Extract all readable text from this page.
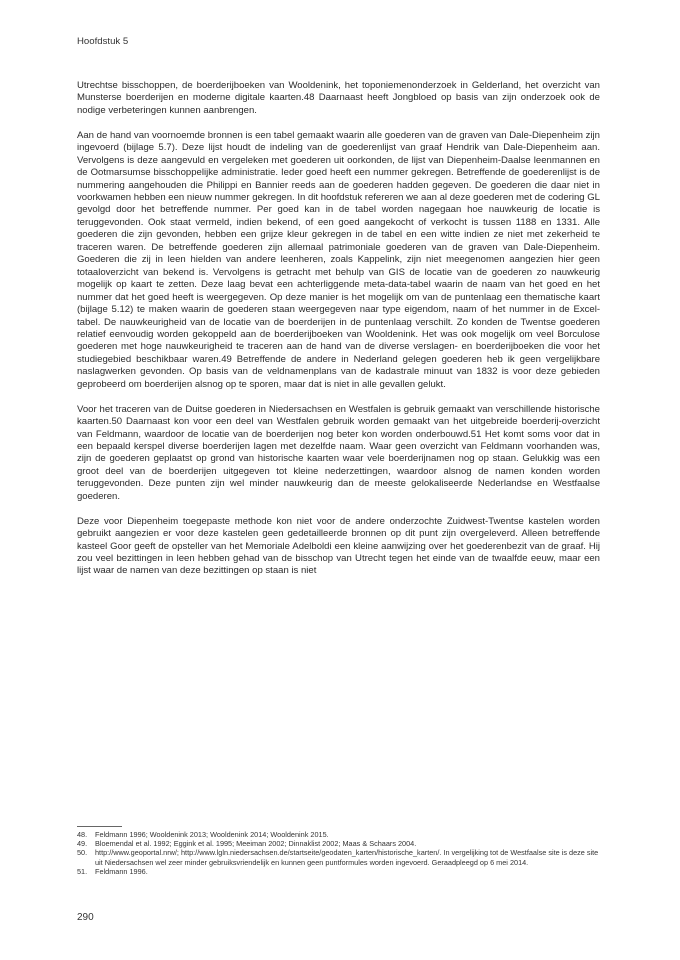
Hoofdstuk 5

Utrechtse bisschoppen, de boerderijboeken van Wooldenink, het toponiemenonderzoek in Gelderland, het overzicht van Munsterse boerderijen en moderne digitale kaarten.48 Daarnaast heeft Jongbloed op basis van zijn onderzoek ook de nodige verbeteringen kunnen aanbrengen.

Aan de hand van voornoemde bronnen is een tabel gemaakt waarin alle goederen van de graven van Dale-Diepenheim zijn ingevoerd (bijlage 5.7). Deze lijst houdt de indeling van de goederenlijst van graaf Hendrik van Dale-Diepenheim aan. Vervolgens is deze aangevuld en vergeleken met goederen uit oorkonden, de lijst van Diepenheim-Daalse leenmannen en de Ootmarsumse bisschoppelijke administratie. Ieder goed heeft een nummer gekregen. Betreffende de goederenlijst is de nummering aangehouden die Philippi en Bannier reeds aan de goederen hadden gegeven. De goederen die daar niet in voorkwamen hebben een nieuw nummer gekregen. In dit hoofdstuk refereren we aan al deze goederen met de codering GL gevolgd door het betreffende nummer. Per goed kan in de tabel worden nagegaan hoe nauwkeurig de locatie is teruggevonden. Ook staat vermeld, indien bekend, of een goed aangekocht of verkocht is tussen 1188 en 1331. Alle goederen die zijn gevonden, hebben een grijze kleur gekregen in de tabel en een witte indien ze niet met zekerheid te traceren waren. De betreffende goederen zijn allemaal patrimoniale goederen van de graven van Dale-Diepenheim. Goederen die zij in leen hielden van andere leenheren, zoals Kappelink, zijn niet meegenomen aangezien hier geen totaaloverzicht van bekend is. Vervolgens is getracht met behulp van GIS de locatie van de goederen zo nauwkeurig mogelijk op kaart te zetten. Deze laag bevat een achterliggende meta-data-tabel waarin de naam van het goed en het nummer dat het goed heeft is weergegeven. Op deze manier is het mogelijk om van de puntenlaag een thematische kaart (bijlage 5.12) te maken waarin de goederen staan weergegeven naar type eigendom, naam of het nummer in de Excel-tabel. De nauwkeurigheid van de locatie van de boerderijen in de puntenlaag verschilt. Zo konden de Twentse goederen relatief eenvoudig worden gekoppeld aan de boerderijboeken van Wooldenink. Het was ook mogelijk om veel Borculose goederen met hoge nauwkeurigheid te traceren aan de hand van de diverse verslagen- en boerderijboeken die voor het studiegebied beschikbaar waren.49 Betreffende de andere in Nederland gelegen goederen heb ik geen vergelijkbare naslagwerken gevonden. Op basis van de veldnamenplans van de kadastrale minuut van 1832 is voor deze gebieden geprobeerd om boerderijen alsnog op te sporen, maar dat is niet in alle gevallen gelukt.

Voor het traceren van de Duitse goederen in Niedersachsen en Westfalen is gebruik gemaakt van verschillende historische kaarten.50 Daarnaast kon voor een deel van Westfalen gebruik worden gemaakt van het uitgebreide boerderij-overzicht van Feldmann, waardoor de locatie van de boerderijen nog beter kon worden onderbouwd.51 Het komt soms voor dat in een bepaald kerspel diverse boerderijen lagen met dezelfde naam. Waar geen overzicht van Feldmann voorhanden was, zijn de goederen geplaatst op grond van historische kaarten waar vele boerderijnamen nog op staan. Gelukkig was een groot deel van de boerderijen uitgegeven tot kleine nederzettingen, waardoor alsnog de namen konden worden teruggevonden. Deze punten zijn wel minder nauwkeurig dan de meeste gelokaliseerde Nederlandse en Westfaalse goederen.

Deze voor Diepenheim toegepaste methode kon niet voor de andere onderzochte Zuidwest-Twentse kastelen worden gebruikt aangezien er voor deze kastelen geen gedetailleerde bronnen op dit punt zijn overgeleverd. Alleen betreffende kasteel Goor geeft de opsteller van het Memoriale Adelboldi een kleine aanwijzing over het goederenbezit van de graaf. Hij zou veel bezittingen in leen hebben gehad van de bisschop van Utrecht tegen het einde van de twaalfde eeuw, maar een lijst waar de namen van deze bezittingen op staan is niet

48.	Feldmann 1996; Wooldenink 2013; Wooldenink 2014; Wooldenink 2015.
49.	Bloemendal et al. 1992; Eggink et al. 1995; Meeiman 2002; Dinnaklist 2002; Maas & Schaars 2004.
50.	http://www.geoportal.nrw/; http://www.lgln.niedersachsen.de/startseite/geodaten_karten/historische_karten/. In vergelijking tot de Westfaalse site is deze site uit Niedersachsen wel zeer minder gebruiksvriendelijk en kunnen geen puntformules worden ingevoerd. Geraadpleegd op 6 mei 2014.
51.	Feldmann 1996.
290
